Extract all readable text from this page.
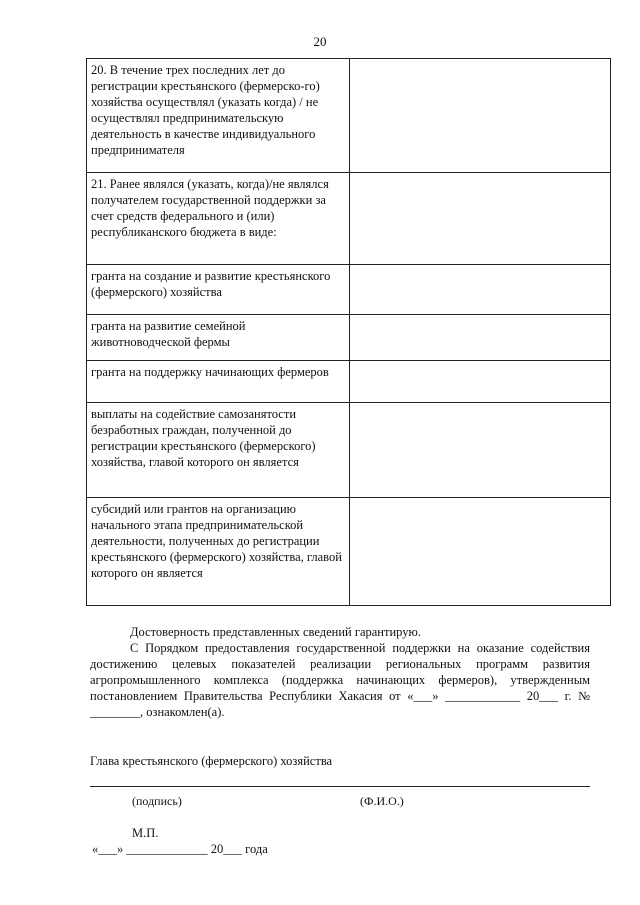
20
20. В течение трех последних лет до регистрации крестьянского (фермерско-го) хозяйства осуществлял (указать когда) / не осуществлял предпринимательскую деятельность в качестве индивидуального предпринимателя	
21. Ранее являлся (указать, когда)/не являлся получателем государственной поддержки за счет средств федерального и (или) республиканского бюджета в виде:	
гранта на создание и развитие крестьянского (фермерского) хозяйства	
гранта на развитие семейной животноводческой фермы	
гранта на поддержку начинающих фермеров	
выплаты на содействие самозанятости безработных граждан, полученной до регистрации крестьянского (фермерского) хозяйства, главой которого он является	
субсидий или грантов на организацию начального этапа предпринимательской деятельности, полученных до регистрации крестьянского (фермерского) хозяйства, главой которого он является	
Достоверность представленных сведений гарантирую.
С Порядком предоставления государственной поддержки на оказание содействия достижению целевых показателей реализации региональных программ развития агропромышленного комплекса (поддержка начинающих фермеров), утвержденным постановлением Правительства Республики Хакасия от «___» ____________ 20___ г. № ________, ознакомлен(а).
Глава крестьянского (фермерского) хозяйства
(подпись)	(Ф.И.О.)
М.П.
«___» _____________ 20___ года
